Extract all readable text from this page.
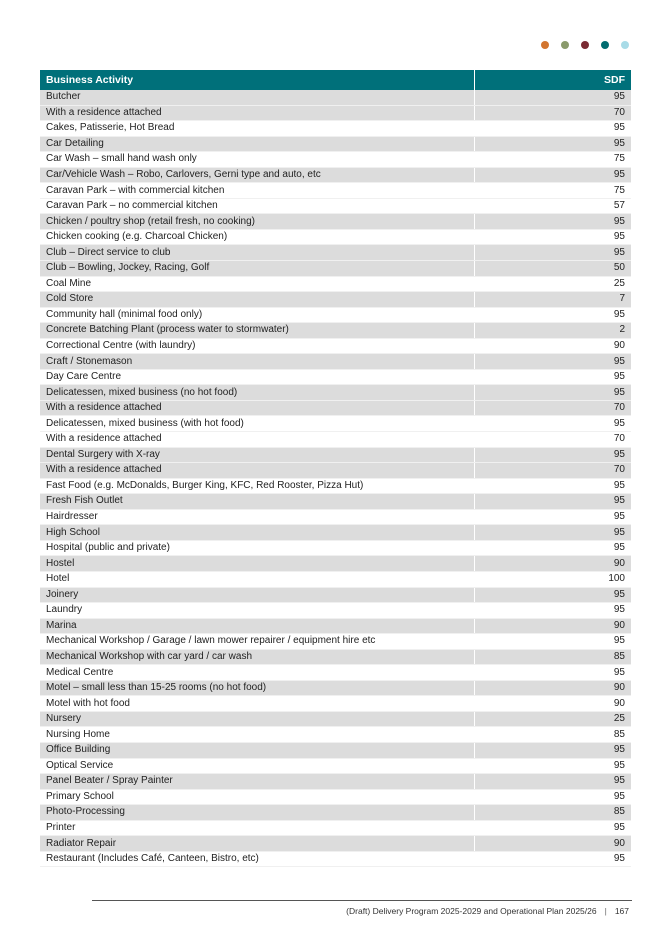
Business Activity	SDF
Butcher	95
With a residence attached	70
Cakes, Patisserie, Hot Bread	95
Car Detailing	95
Car Wash – small hand wash only	75
Car/Vehicle Wash – Robo, Carlovers, Gerni type and auto, etc	95
Caravan Park – with commercial kitchen	75
Caravan Park – no commercial kitchen	57
Chicken / poultry shop (retail fresh, no cooking)	95
Chicken cooking (e.g. Charcoal Chicken)	95
Club – Direct service to club	95
Club – Bowling, Jockey, Racing, Golf	50
Coal Mine	25
Cold Store	7
Community hall (minimal food only)	95
Concrete Batching Plant (process water to stormwater)	2
Correctional Centre (with laundry)	90
Craft / Stonemason	95
Day Care Centre	95
Delicatessen, mixed business (no hot food)	95
With a residence attached	70
Delicatessen, mixed business (with hot food)	95
With a residence attached	70
Dental Surgery with X-ray	95
With a residence attached	70
Fast Food (e.g. McDonalds, Burger King, KFC, Red Rooster, Pizza Hut)	95
Fresh Fish Outlet	95
Hairdresser	95
High School	95
Hospital (public and private)	95
Hostel	90
Hotel	100
Joinery	95
Laundry	95
Marina	90
Mechanical Workshop / Garage / lawn mower repairer / equipment hire etc	95
Mechanical Workshop with car yard / car wash	85
Medical Centre	95
Motel – small less than 15-25 rooms (no hot food)	90
Motel with hot food	90
Nursery	25
Nursing Home	85
Office Building	95
Optical Service	95
Panel Beater / Spray Painter	95
Primary School	95
Photo-Processing	85
Printer	95
Radiator Repair	90
Restaurant (Includes Café, Canteen, Bistro, etc)	95
(Draft) Delivery Program 2025-2029 and Operational Plan 2025/26 | 167
